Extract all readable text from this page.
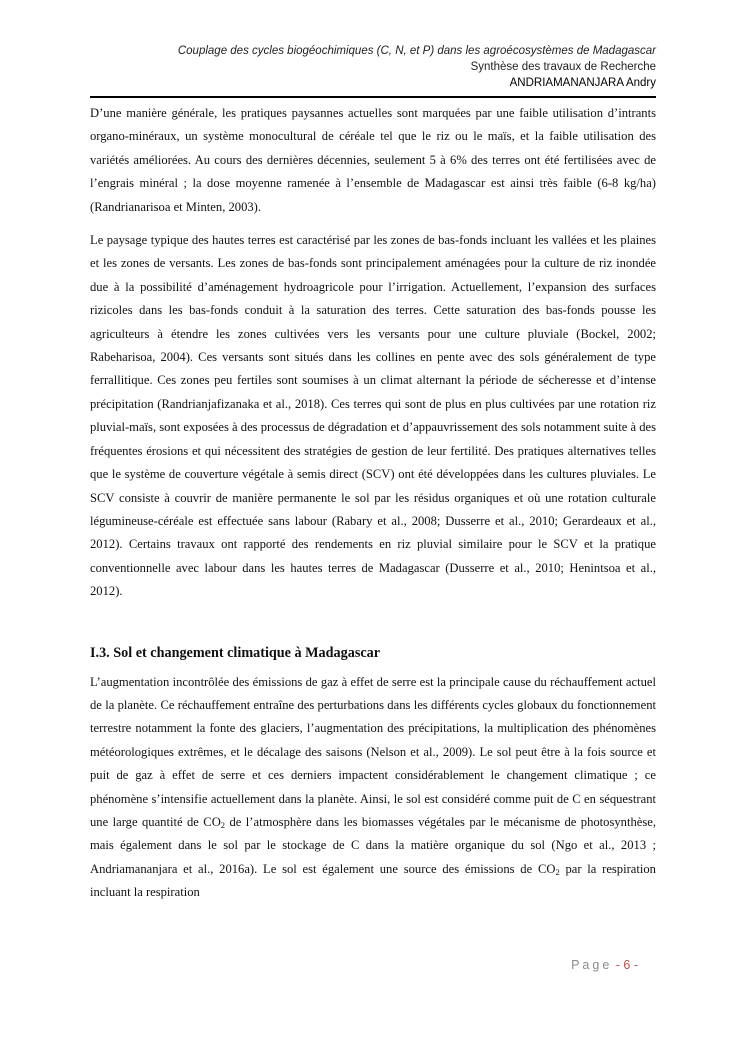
Couplage des cycles biogéochimiques (C, N, et P) dans les agroécosystèmes de Madagascar
Synthèse des travaux de Recherche
ANDRIAMANANJARA Andry

D’une manière générale, les pratiques paysannes actuelles sont marquées par une faible utilisation d’intrants organo-minéraux, un système monocultural de céréale tel que le riz ou le maïs, et la faible utilisation des variétés améliorées. Au cours des dernières décennies, seulement 5 à 6% des terres ont été fertilisées avec de l’engrais minéral ; la dose moyenne ramenée à l’ensemble de Madagascar est ainsi très faible (6-8 kg/ha) (Randrianarisoa et Minten, 2003).

Le paysage typique des hautes terres est caractérisé par les zones de bas-fonds incluant les vallées et les plaines et les zones de versants. Les zones de bas-fonds sont principalement aménagées pour la culture de riz inondée due à la possibilité d’aménagement hydroagricole pour l’irrigation. Actuellement, l’expansion des surfaces rizicoles dans les bas-fonds conduit à la saturation des terres. Cette saturation des bas-fonds pousse les agriculteurs à étendre les zones cultivées vers les versants pour une culture pluviale (Bockel, 2002; Rabeharisoa, 2004). Ces versants sont situés dans les collines en pente avec des sols généralement de type ferrallitique. Ces zones peu fertiles sont soumises à un climat alternant la période de sécheresse et d’intense précipitation (Randrianjafizanaka et al., 2018). Ces terres qui sont de plus en plus cultivées par une rotation riz pluvial-maïs, sont exposées à des processus de dégradation et d’appauvrissement des sols notamment suite à des fréquentes érosions et qui nécessitent des stratégies de gestion de leur fertilité. Des pratiques alternatives telles que le système de couverture végétale à semis direct (SCV) ont été développées dans les cultures pluviales. Le SCV consiste à couvrir de manière permanente le sol par les résidus organiques et où une rotation culturale légumineuse-céréale est effectuée sans labour (Rabary et al., 2008; Dusserre et al., 2010; Gerardeaux et al., 2012). Certains travaux ont rapporté des rendements en riz pluvial similaire pour le SCV et la pratique conventionnelle avec labour dans les hautes terres de Madagascar (Dusserre et al., 2010; Henintsoa et al., 2012).

I.3. Sol et changement climatique à Madagascar

L’augmentation incontrôlée des émissions de gaz à effet de serre est la principale cause du réchauffement actuel de la planète. Ce réchauffement entraîne des perturbations dans les différents cycles globaux du fonctionnement terrestre notamment la fonte des glaciers, l’augmentation des précipitations, la multiplication des phénomènes météorologiques extrêmes, et le décalage des saisons (Nelson et al., 2009). Le sol peut être à la fois source et puit de gaz à effet de serre et ces derniers impactent considérablement le changement climatique ; ce phénomène s’intensifie actuellement dans la planète. Ainsi, le sol est considéré comme puit de C en séquestrant une large quantité de $CO_2$ de l’atmosphère dans les biomasses végétales par le mécanisme de photosynthèse, mais également dans le sol par le stockage de C dans la matière organique du sol (Ngo et al., 2013 ; Andriamananjara et al., 2016a). Le sol est également une source des émissions de $CO_2$ par la respiration incluant la respiration

Page - 6 -
